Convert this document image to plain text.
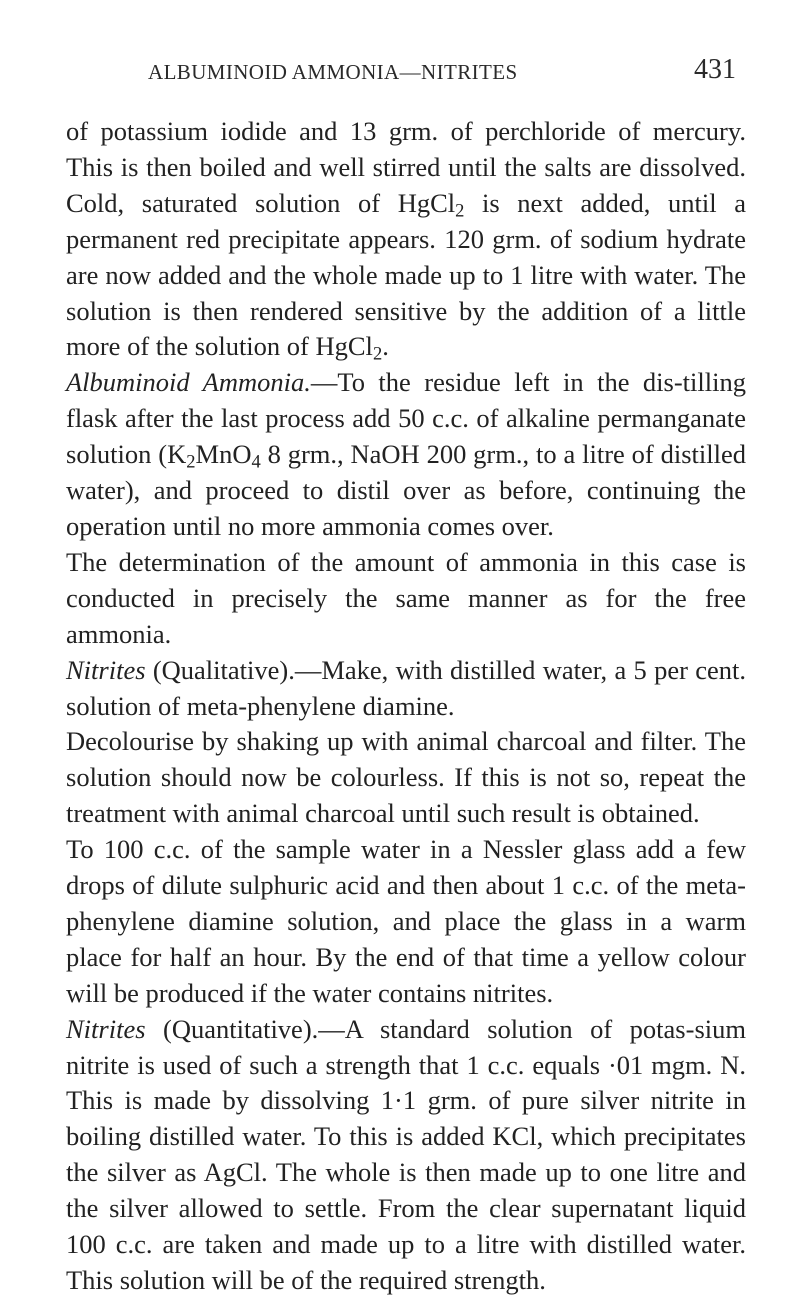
ALBUMINOID AMMONIA—NITRITES	431

of potassium iodide and 13 grm. of perchloride of mercury. This is then boiled and well stirred until the salts are dissolved. Cold, saturated solution of HgCl$_2$ is next added, until a permanent red precipitate appears. 120 grm. of sodium hydrate are now added and the whole made up to 1 litre with water. The solution is then rendered sensitive by the addition of a little more of the solution of HgCl$_2$.

Albuminoid Ammonia.—To the residue left in the dis-tilling flask after the last process add 50 c.c. of alkaline permanganate solution ($K_2MnO_4$ 8 grm., NaOH 200 grm., to a litre of distilled water), and proceed to distil over as before, continuing the operation until no more ammonia comes over.

The determination of the amount of ammonia in this case is conducted in precisely the same manner as for the free ammonia.

Nitrites (Qualitative).—Make, with distilled water, a 5 per cent. solution of meta-phenylene diamine.

Decolourise by shaking up with animal charcoal and filter. The solution should now be colourless. If this is not so, repeat the treatment with animal charcoal until such result is obtained.

To 100 c.c. of the sample water in a Nessler glass add a few drops of dilute sulphuric acid and then about 1 c.c. of the meta-phenylene diamine solution, and place the glass in a warm place for half an hour. By the end of that time a yellow colour will be produced if the water contains nitrites.

Nitrites (Quantitative).—A standard solution of potas-sium nitrite is used of such a strength that 1 c.c. equals ·01 mgm. N. This is made by dissolving 1·1 grm. of pure silver nitrite in boiling distilled water. To this is added KCl, which precipitates the silver as AgCl. The whole is then made up to one litre and the silver allowed to settle. From the clear supernatant liquid 100 c.c. are taken and made up to a litre with distilled water. This solution will be of the required strength.
